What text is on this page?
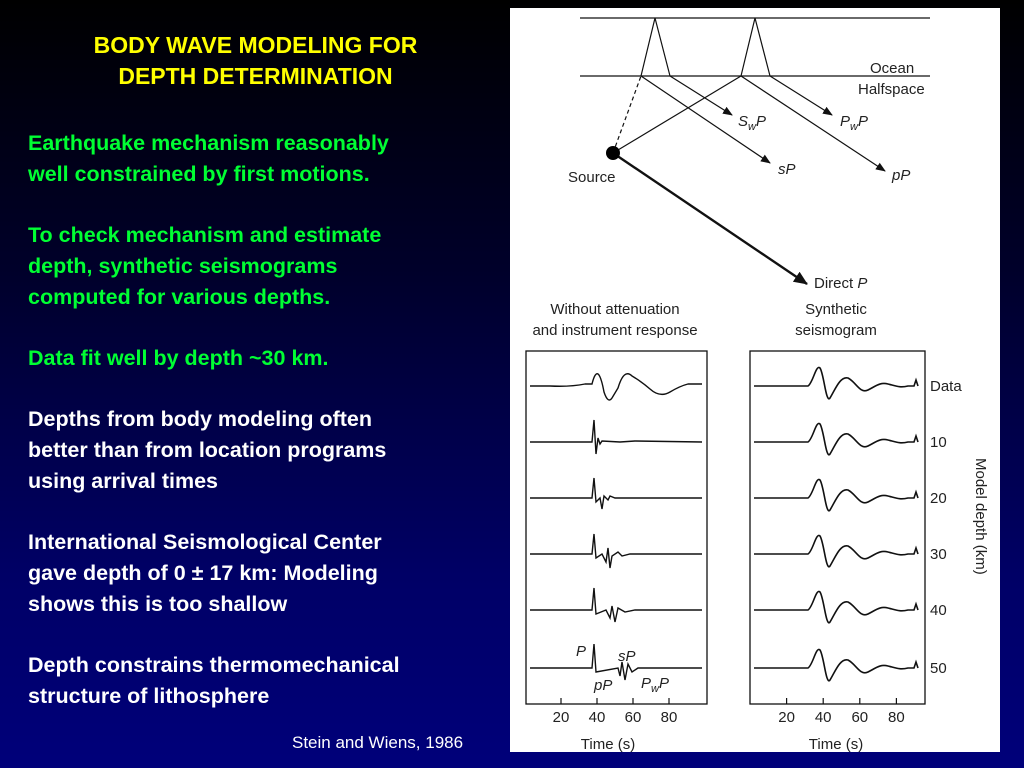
BODY WAVE MODELING FOR
DEPTH DETERMINATION
Earthquake mechanism reasonably
well constrained by first motions.
To check mechanism and estimate
depth, synthetic seismograms
computed for various depths.
Data fit well by depth ~30 km.
Depths from body modeling often
better than from location programs
using arrival times
International Seismological Center
gave depth of 0 ± 17 km: Modeling
shows this is too shallow
Depth constrains thermomechanical
structure of lithosphere
Stein and Wiens, 1986
Ocean
Halfspace
Source
$S_wP$	$P_wP$
sP	pP
Direct P
Without attenuation
and instrument response
Synthetic
seismogram
P sP
pP $P_wP$
20 40 60 80
Time (s)
Data
10
20
30
40
50
20 40 60 80
Time (s)
Model depth (km)
